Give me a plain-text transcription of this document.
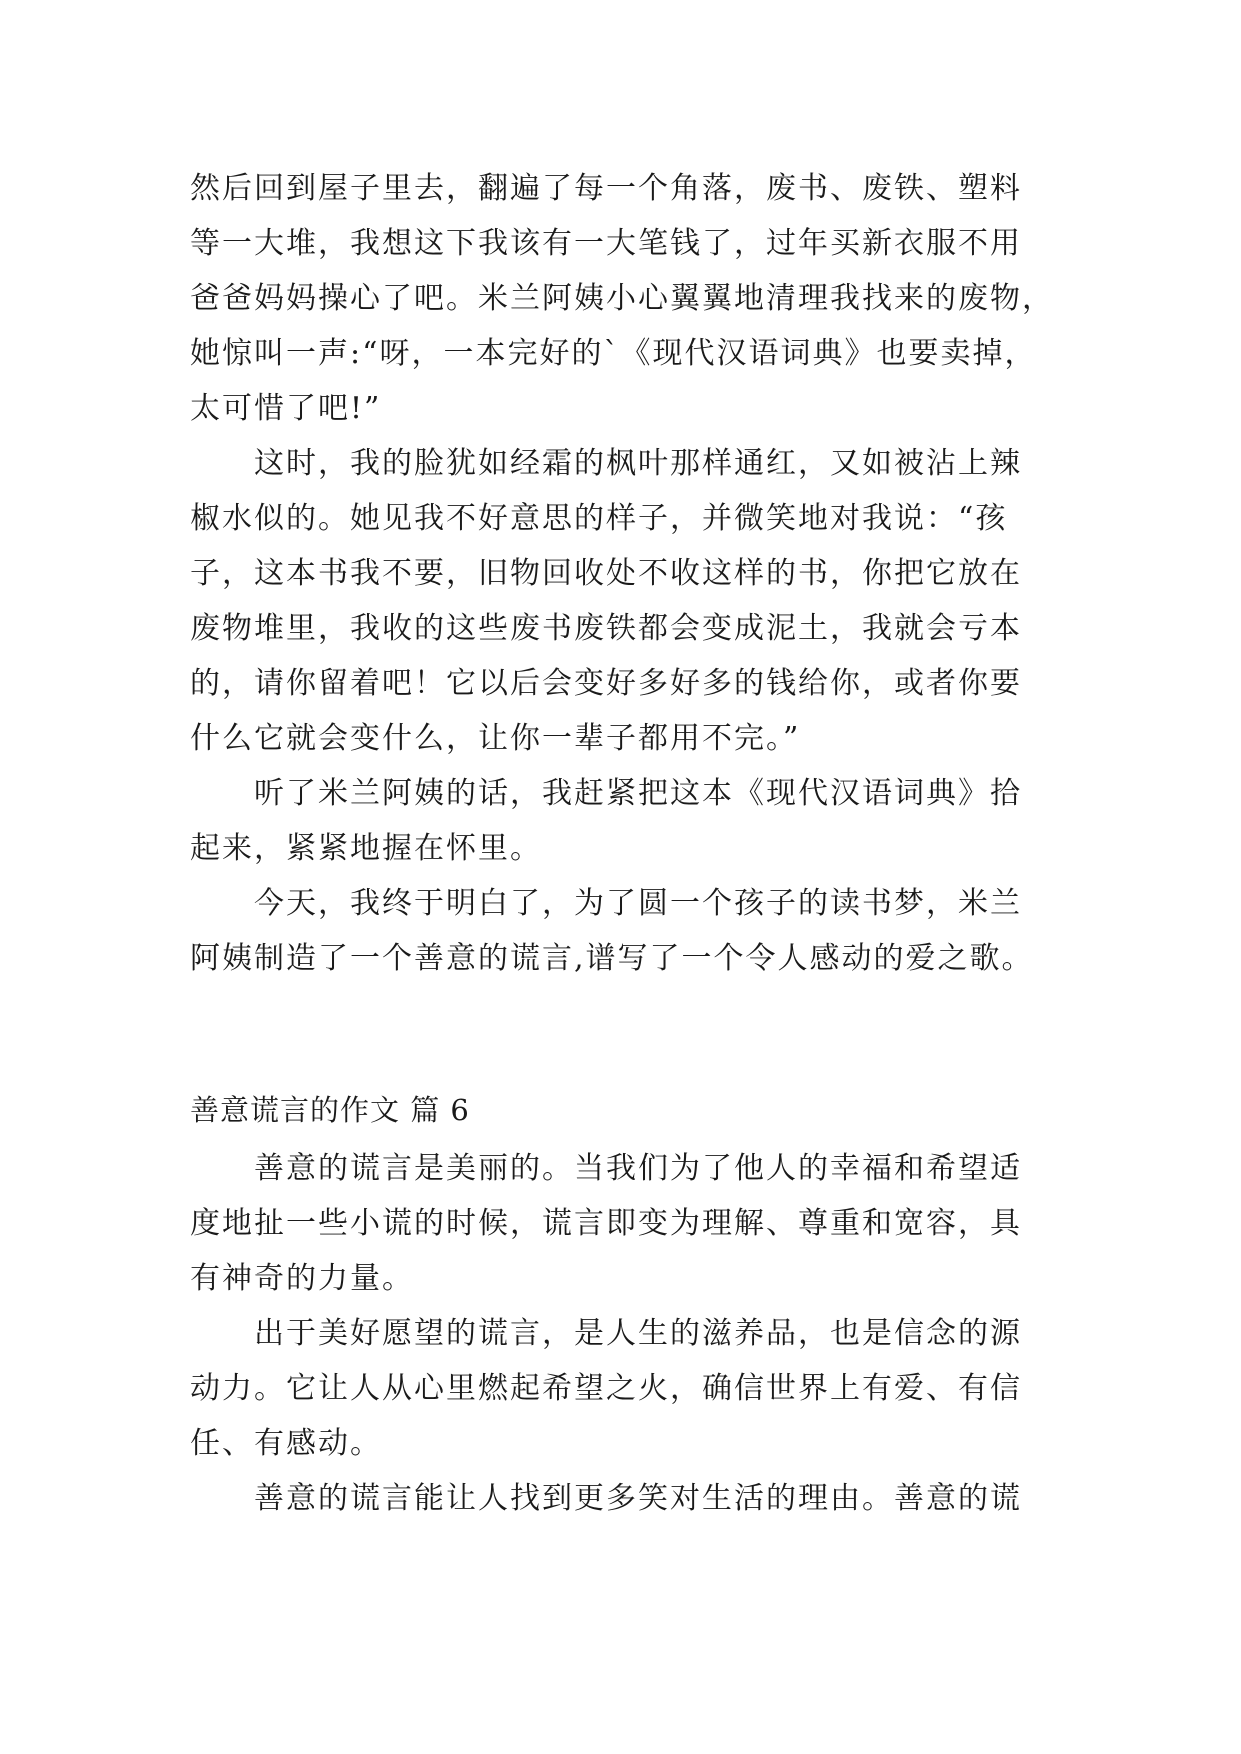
然后回到屋子里去，翻遍了每一个角落，废书、废铁、塑料
等一大堆，我想这下我该有一大笔钱了，过年买新衣服不用
爸爸妈妈操心了吧。米兰阿姨小心翼翼地清理我找来的废物，
她惊叫一声:“呀，一本完好的`《现代汉语词典》也要卖掉，
太可惜了吧!”
　　这时，我的脸犹如经霜的枫叶那样通红，又如被沾上辣
椒水似的。她见我不好意思的样子，并微笑地对我说：“孩
子，这本书我不要，旧物回收处不收这样的书，你把它放在
废物堆里，我收的这些废书废铁都会变成泥土，我就会亏本
的，请你留着吧！它以后会变好多好多的钱给你，或者你要
什么它就会变什么，让你一辈子都用不完。”
　　听了米兰阿姨的话，我赶紧把这本《现代汉语词典》拾
起来，紧紧地握在怀里。
　　今天，我终于明白了，为了圆一个孩子的读书梦，米兰
阿姨制造了一个善意的谎言,谱写了一个令人感动的爱之歌。
善意谎言的作文 篇 6
　　善意的谎言是美丽的。当我们为了他人的幸福和希望适
度地扯一些小谎的时候，谎言即变为理解、尊重和宽容，具
有神奇的力量。
　　出于美好愿望的谎言，是人生的滋养品，也是信念的源
动力。它让人从心里燃起希望之火，确信世界上有爱、有信
任、有感动。
　　善意的谎言能让人找到更多笑对生活的理由。善意的谎
